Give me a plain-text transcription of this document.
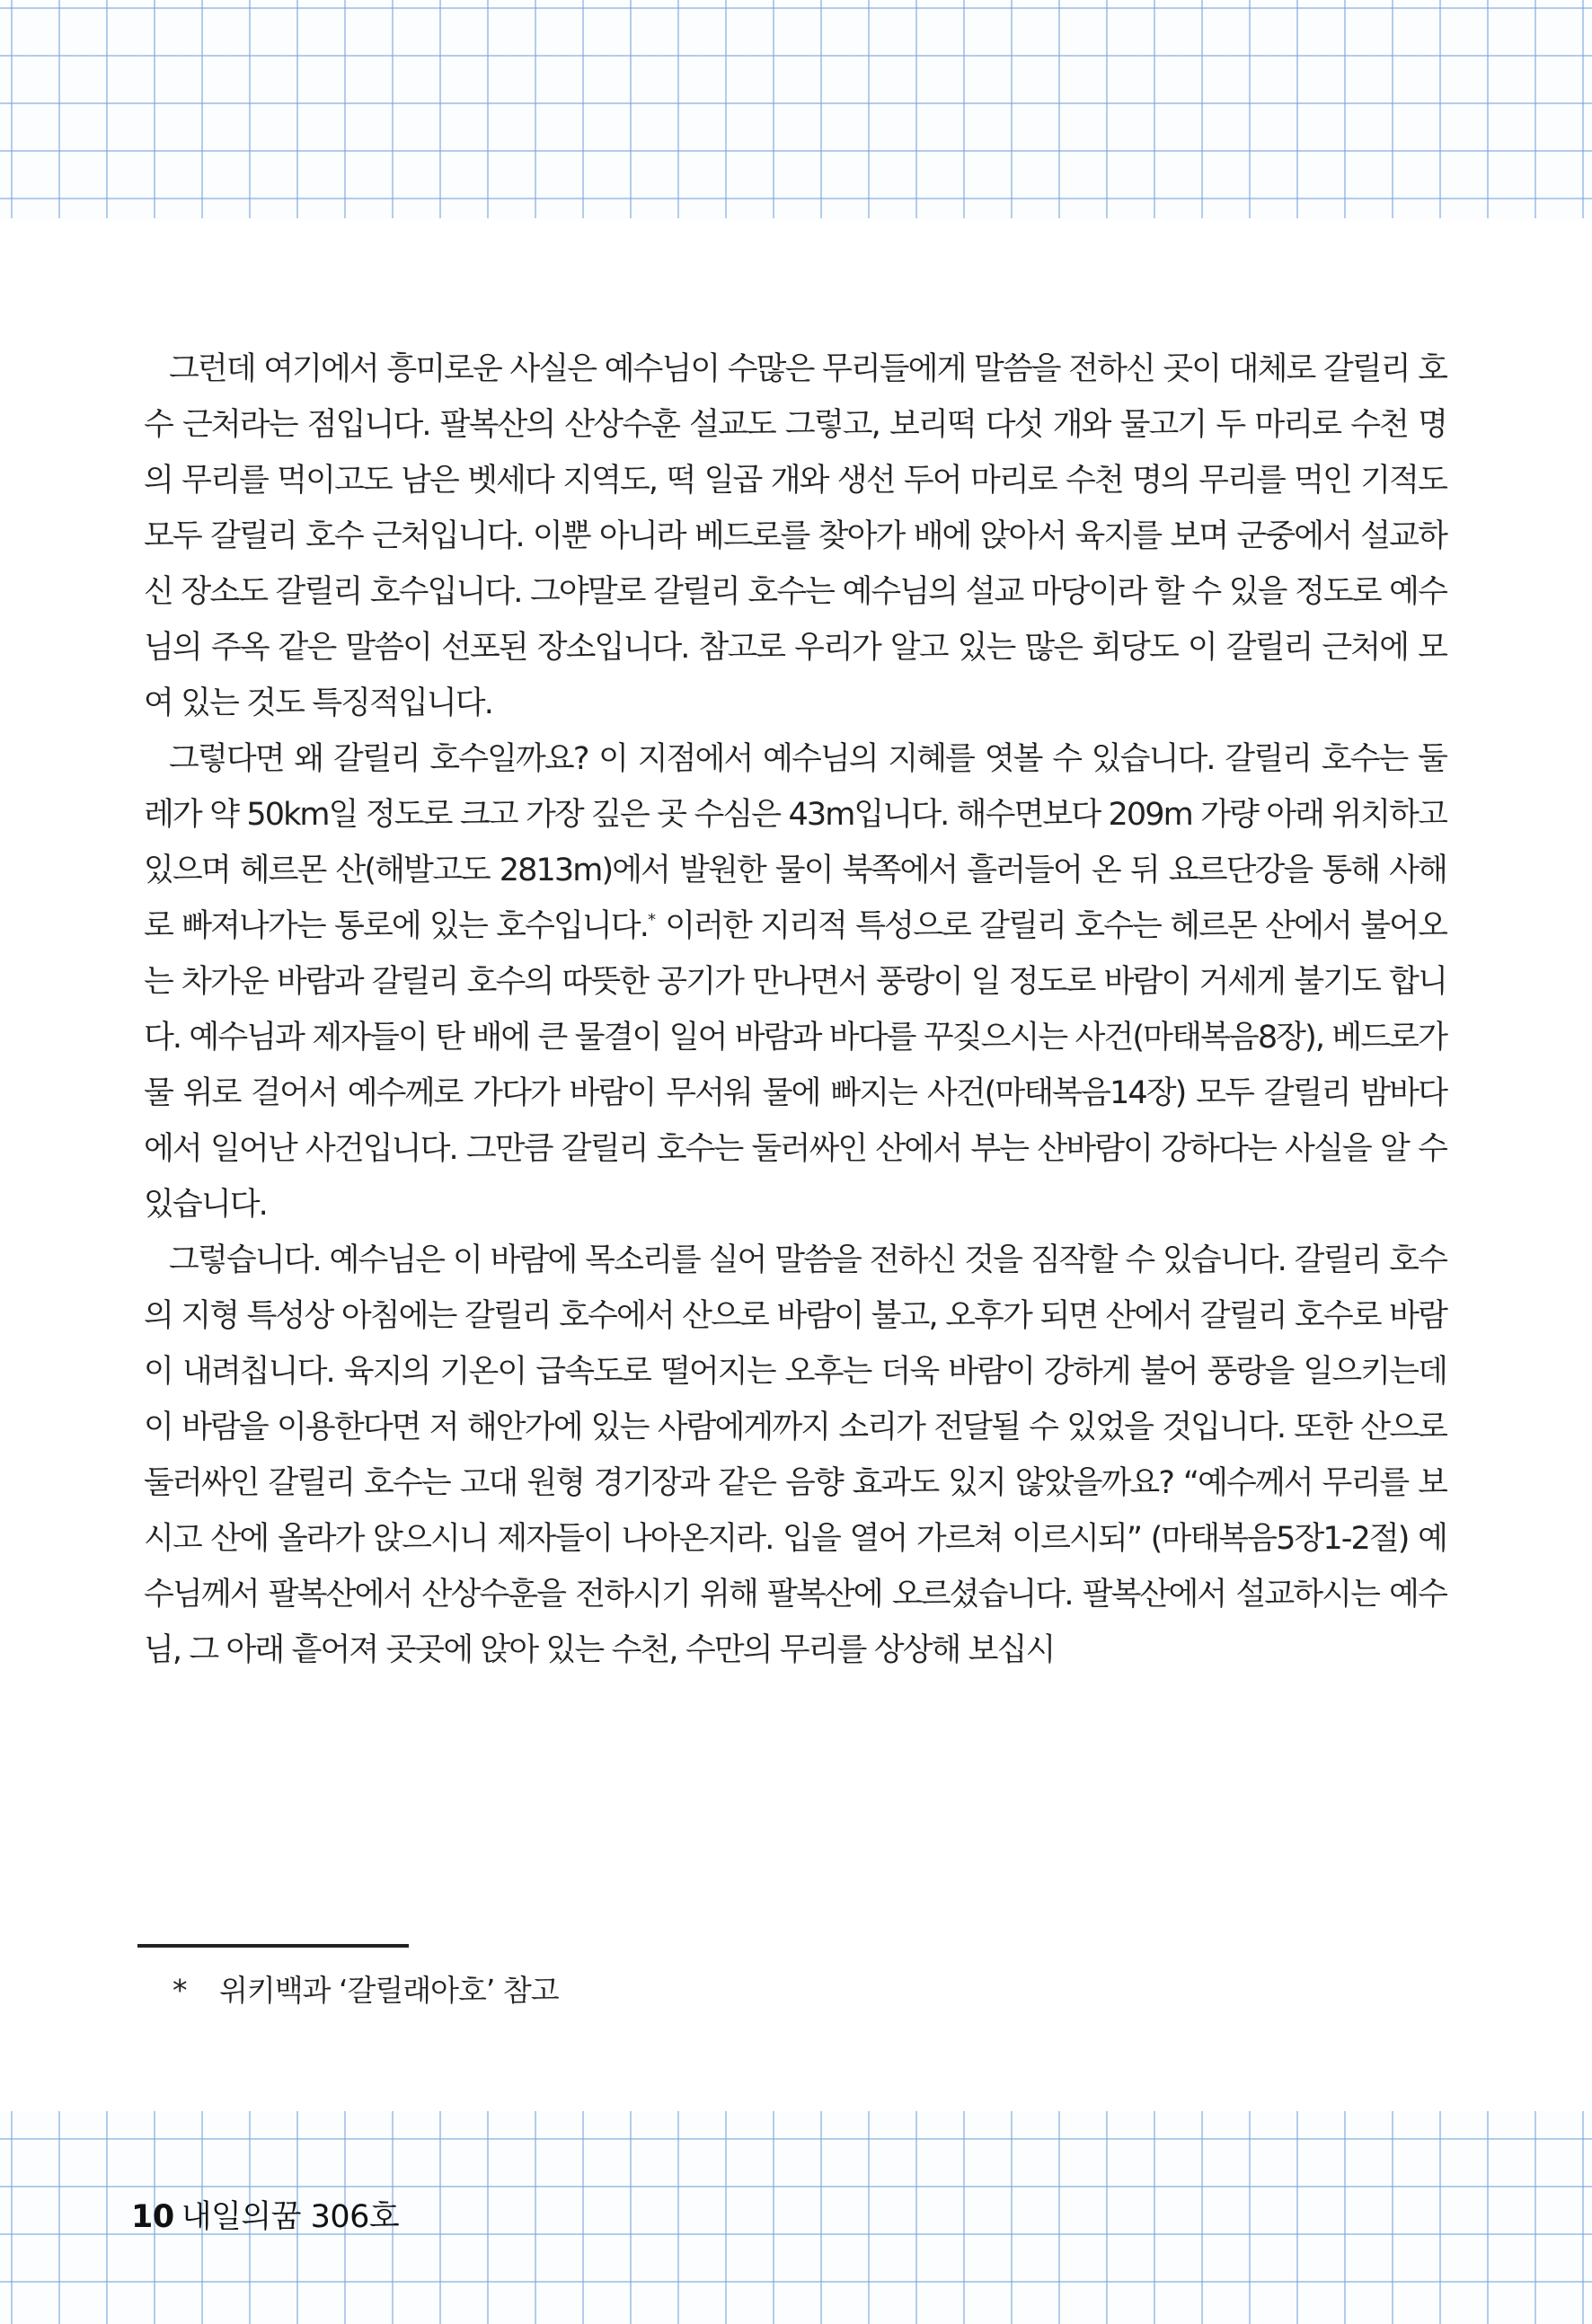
그런데 여기에서 흥미로운 사실은 예수님이 수많은 무리들에게 말씀을 전하신 곳이 대체로 갈릴리 호수 근처라는 점입니다. 팔복산의 산상수훈 설교도 그렇고, 보리떡 다섯 개와 물고기 두 마리로 수천 명의 무리를 먹이고도 남은 벳세다 지역도, 떡 일곱 개와 생선 두어 마리로 수천 명의 무리를 먹인 기적도 모두 갈릴리 호수 근처입니다. 이뿐 아니라 베드로를 찾아가 배에 앉아서 육지를 보며 군중에서 설교하신 장소도 갈릴리 호수입니다. 그야말로 갈릴리 호수는 예수님의 설교 마당이라 할 수 있을 정도로 예수님의 주옥 같은 말씀이 선포된 장소입니다. 참고로 우리가 알고 있는 많은 회당도 이 갈릴리 근처에 모여 있는 것도 특징적입니다.

그렇다면 왜 갈릴리 호수일까요? 이 지점에서 예수님의 지혜를 엿볼 수 있습니다. 갈릴리 호수는 둘레가 약 50km일 정도로 크고 가장 깊은 곳 수심은 43m입니다. 해수면보다 209m 가량 아래 위치하고 있으며 헤르몬 산(해발고도 2813m)에서 발원한 물이 북쪽에서 흘러들어 온 뒤 요르단강을 통해 사해로 빠져나가는 통로에 있는 호수입니다.* 이러한 지리적 특성으로 갈릴리 호수는 헤르몬 산에서 불어오는 차가운 바람과 갈릴리 호수의 따뜻한 공기가 만나면서 풍랑이 일 정도로 바람이 거세게 불기도 합니다. 예수님과 제자들이 탄 배에 큰 물결이 일어 바람과 바다를 꾸짖으시는 사건(마태복음8장), 베드로가 물 위로 걸어서 예수께로 가다가 바람이 무서워 물에 빠지는 사건(마태복음14장) 모두 갈릴리 밤바다에서 일어난 사건입니다. 그만큼 갈릴리 호수는 둘러싸인 산에서 부는 산바람이 강하다는 사실을 알 수 있습니다.

그렇습니다. 예수님은 이 바람에 목소리를 실어 말씀을 전하신 것을 짐작할 수 있습니다. 갈릴리 호수의 지형 특성상 아침에는 갈릴리 호수에서 산으로 바람이 불고, 오후가 되면 산에서 갈릴리 호수로 바람이 내려칩니다. 육지의 기온이 급속도로 떨어지는 오후는 더욱 바람이 강하게 불어 풍랑을 일으키는데 이 바람을 이용한다면 저 해안가에 있는 사람에게까지 소리가 전달될 수 있었을 것입니다. 또한 산으로 둘러싸인 갈릴리 호수는 고대 원형 경기장과 같은 음향 효과도 있지 않았을까요? “예수께서 무리를 보시고 산에 올라가 앉으시니 제자들이 나아온지라. 입을 열어 가르쳐 이르시되” (마태복음5장1-2절) 예수님께서 팔복산에서 산상수훈을 전하시기 위해 팔복산에 오르셨습니다. 팔복산에서 설교하시는 예수님, 그 아래 흩어져 곳곳에 앉아 있는 수천, 수만의 무리를 상상해 보십시

* 위키백과 ‘갈릴래아호’ 참고
10 내일의꿈 306호
